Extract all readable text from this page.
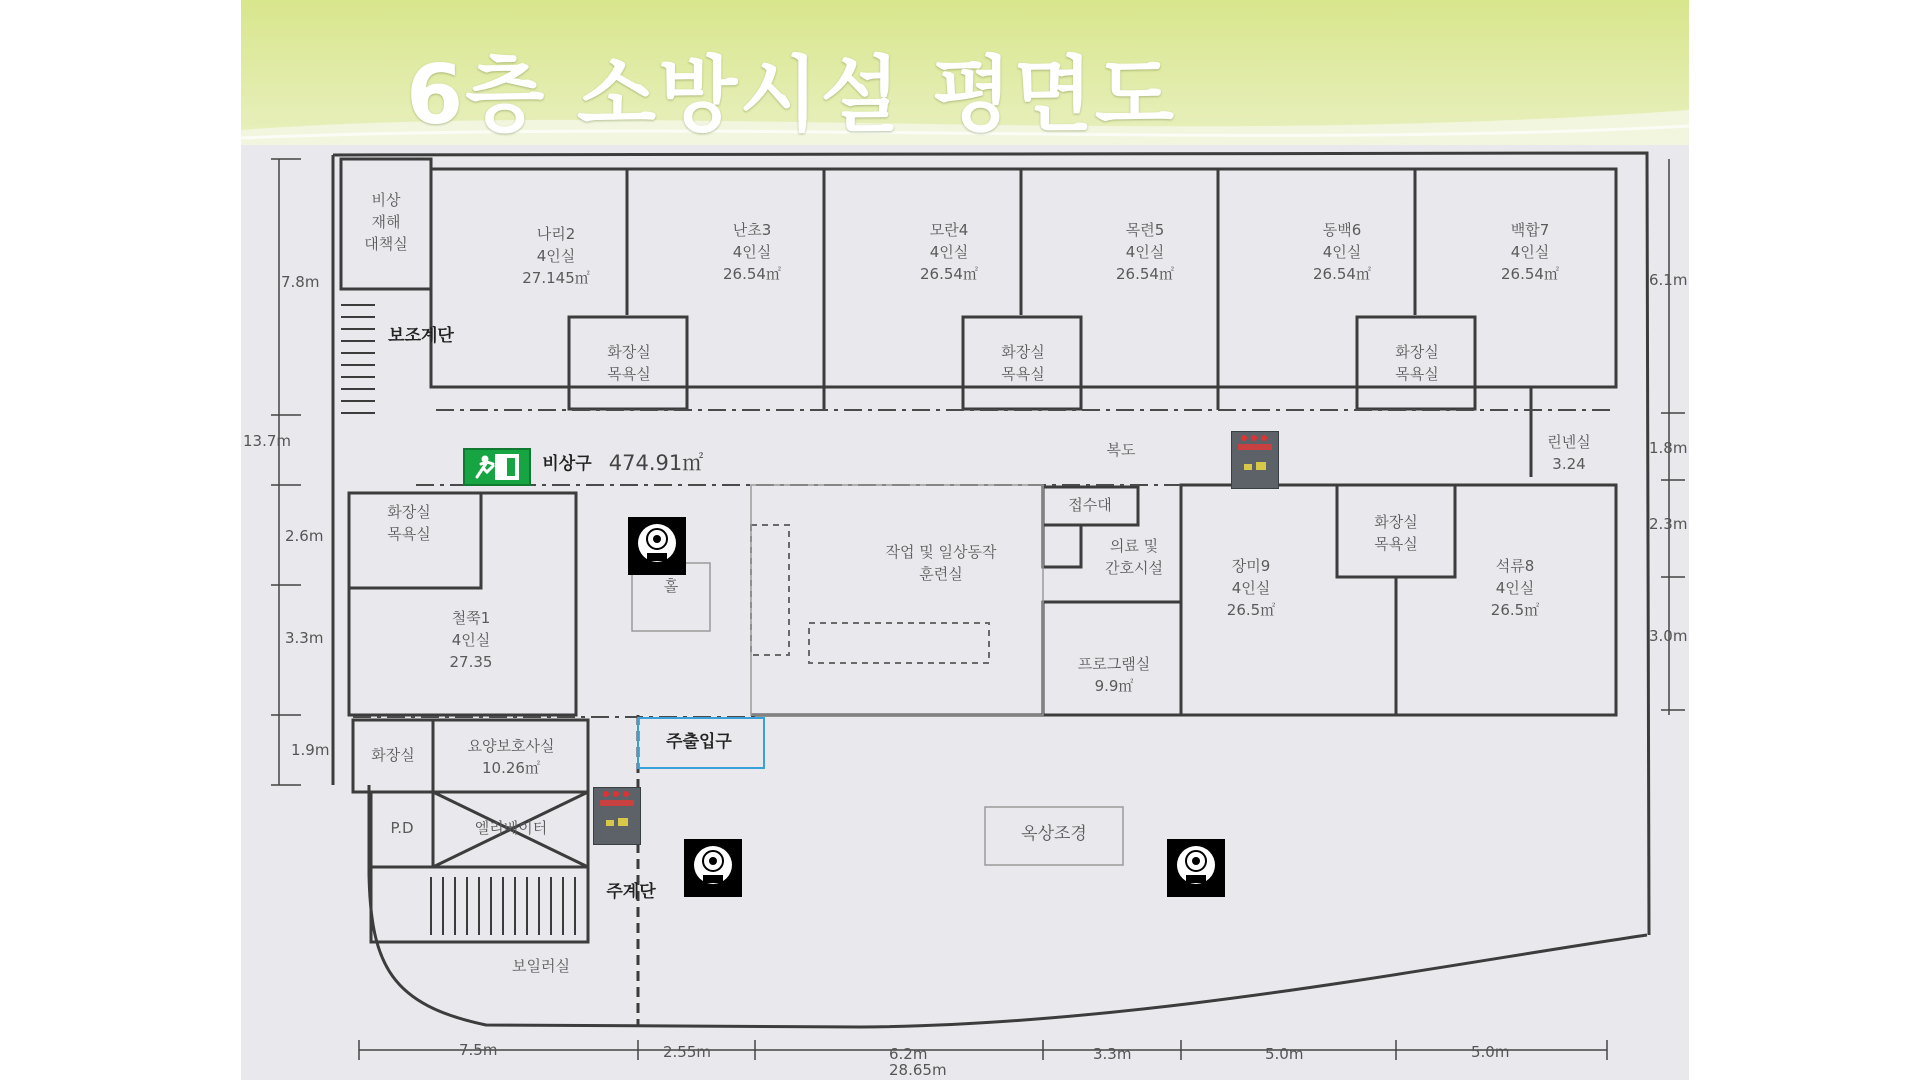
6층 소방시설 평면도
비상
재해
대책실
나리2
4인실
27.145㎡
난초3
4인실
26.54㎡
모란4
4인실
26.54㎡
목련5
4인실
26.54㎡
동백6
4인실
26.54㎡
백합7
4인실
26.54㎡
화장실
목욕실
화장실
목욕실
화장실
목욕실
화장실
목욕실
화장실
목욕실
복도	린넨실
3.24
접수대
의료 및
간호시설
작업 및 일상동작
훈련실
홀
철쭉1
4인실
27.35
장미9
4인실
26.5㎡
석류8
4인실
26.5㎡
프로그램실
9.9㎡
화장실	요양보호사실
10.26㎡
P.D	엘리베이터	옥상조경
보일러실
보조계단
비상구 474.91㎡
주출입구
주계단
7.8m
13.7m
2.6m
3.3m
1.9m
6.1m
1.8m
2.3m
3.0m
7.5m	2.55m	6.2m	3.3m	5.0m	5.0m
28.65m
